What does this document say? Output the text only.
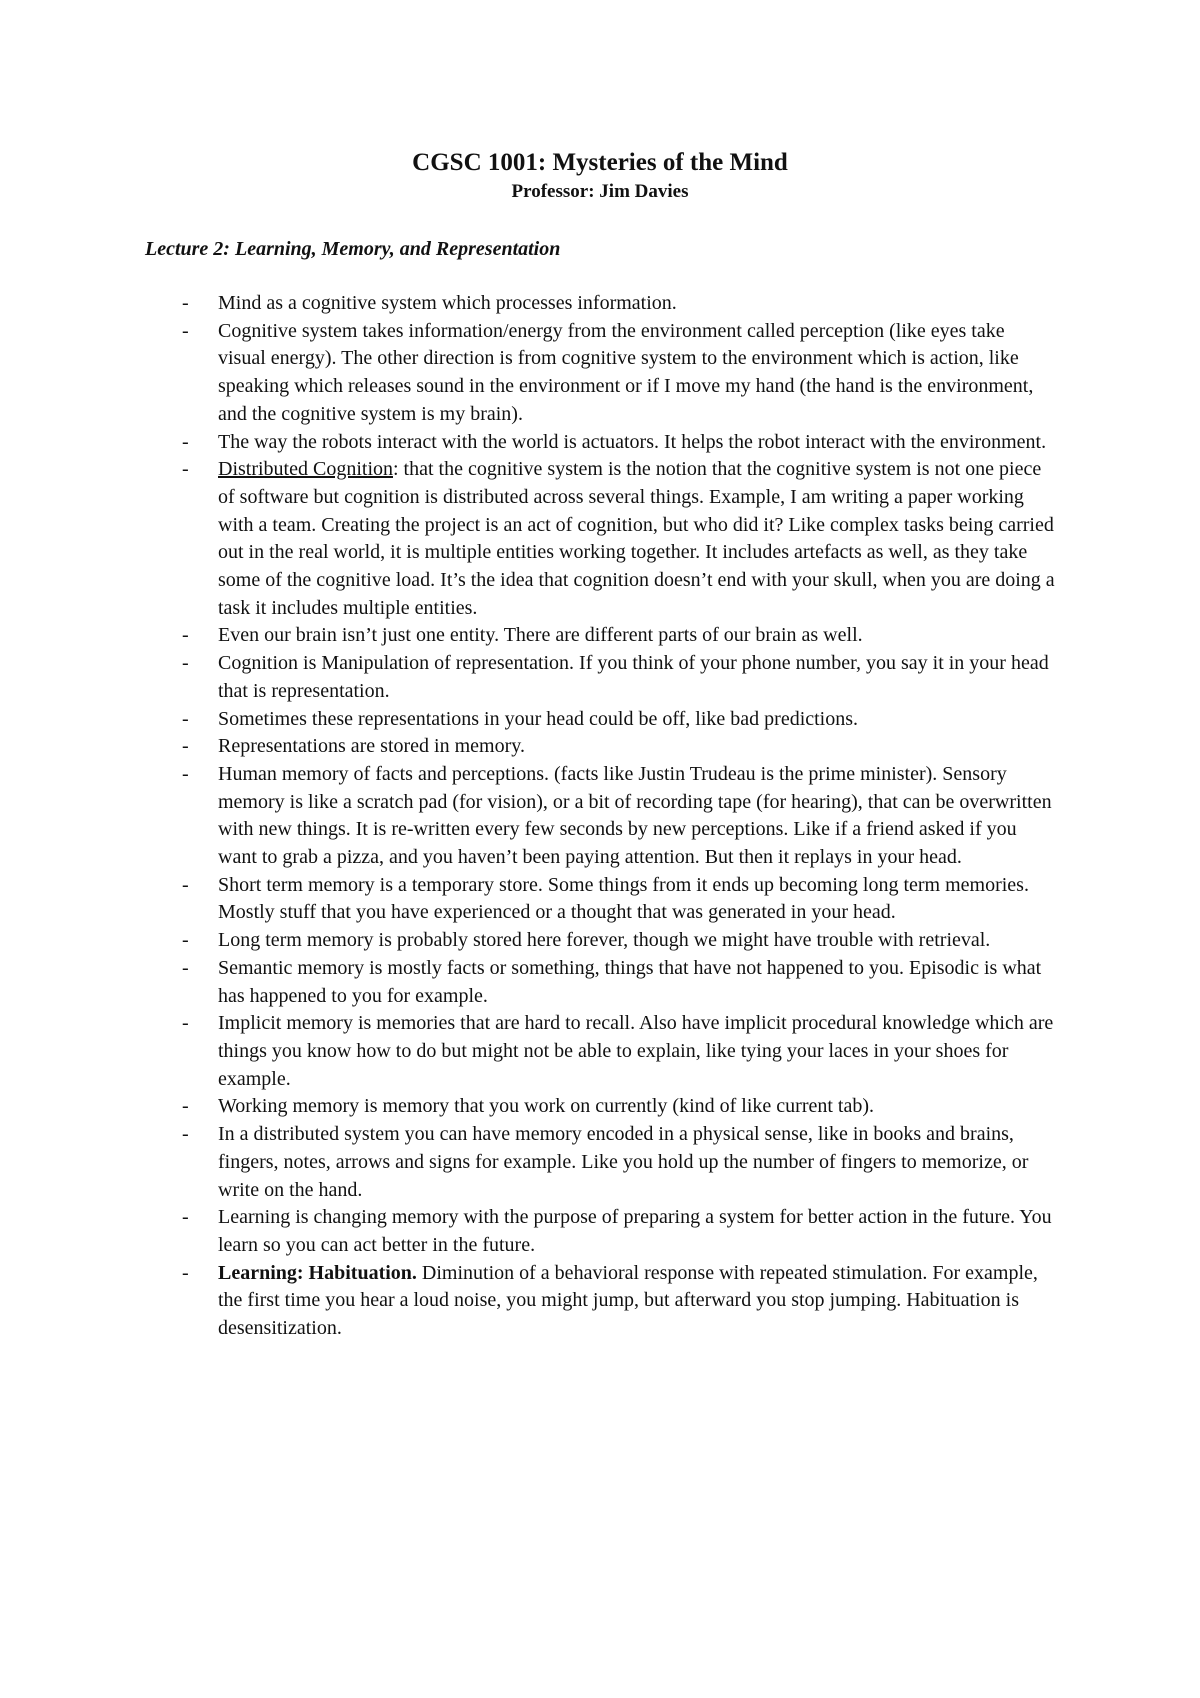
CGSC 1001: Mysteries of the Mind
Professor: Jim Davies

Lecture 2: Learning, Memory, and Representation

- Mind as a cognitive system which processes information.
- Cognitive system takes information/energy from the environment called perception (like eyes take visual energy). The other direction is from cognitive system to the environment which is action, like speaking which releases sound in the environment or if I move my hand (the hand is the environment, and the cognitive system is my brain).
- The way the robots interact with the world is actuators. It helps the robot interact with the environment.
- Distributed Cognition: that the cognitive system is the notion that the cognitive system is not one piece of software but cognition is distributed across several things. Example, I am writing a paper working with a team. Creating the project is an act of cognition, but who did it? Like complex tasks being carried out in the real world, it is multiple entities working together. It includes artefacts as well, as they take some of the cognitive load. It’s the idea that cognition doesn’t end with your skull, when you are doing a task it includes multiple entities.
- Even our brain isn’t just one entity. There are different parts of our brain as well.
- Cognition is Manipulation of representation. If you think of your phone number, you say it in your head that is representation.
- Sometimes these representations in your head could be off, like bad predictions.
- Representations are stored in memory.
- Human memory of facts and perceptions. (facts like Justin Trudeau is the prime minister). Sensory memory is like a scratch pad (for vision), or a bit of recording tape (for hearing), that can be overwritten with new things. It is re-written every few seconds by new perceptions. Like if a friend asked if you want to grab a pizza, and you haven’t been paying attention. But then it replays in your head.
- Short term memory is a temporary store. Some things from it ends up becoming long term memories. Mostly stuff that you have experienced or a thought that was generated in your head.
- Long term memory is probably stored here forever, though we might have trouble with retrieval.
- Semantic memory is mostly facts or something, things that have not happened to you. Episodic is what has happened to you for example.
- Implicit memory is memories that are hard to recall. Also have implicit procedural knowledge which are things you know how to do but might not be able to explain, like tying your laces in your shoes for example.
- Working memory is memory that you work on currently (kind of like current tab).
- In a distributed system you can have memory encoded in a physical sense, like in books and brains, fingers, notes, arrows and signs for example. Like you hold up the number of fingers to memorize, or write on the hand.
- Learning is changing memory with the purpose of preparing a system for better action in the future. You learn so you can act better in the future.
- Learning: Habituation. Diminution of a behavioral response with repeated stimulation. For example, the first time you hear a loud noise, you might jump, but afterward you stop jumping. Habituation is desensitization.
